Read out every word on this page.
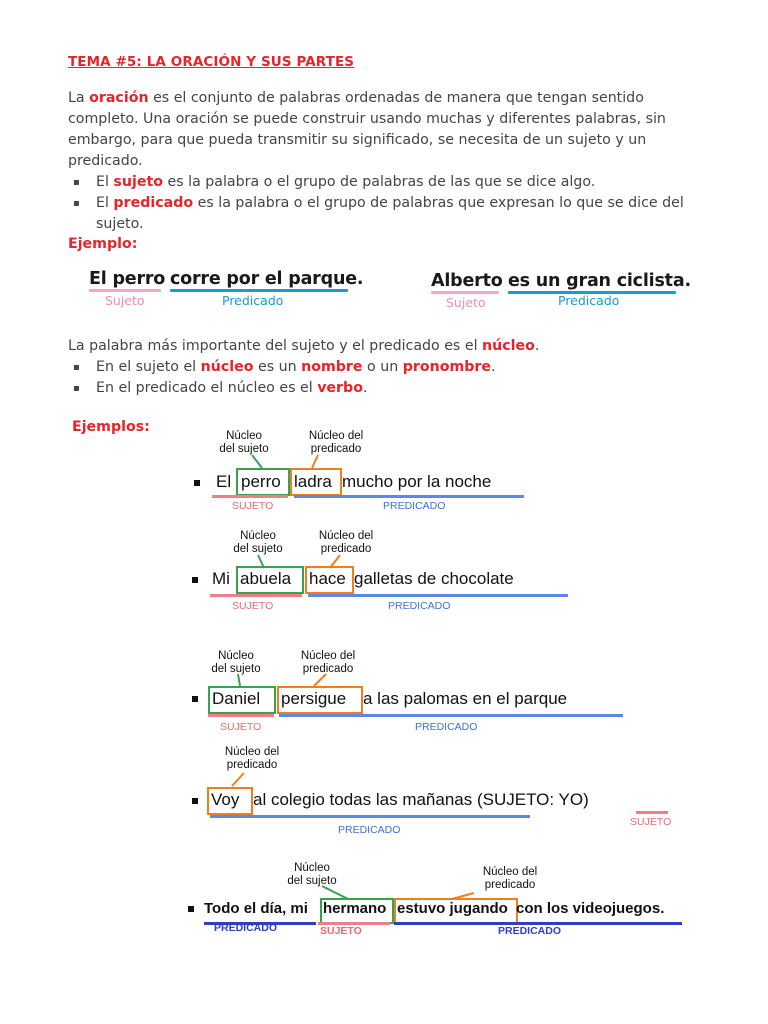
TEMA #5: LA ORACIÓN Y SUS PARTES
La oración es el conjunto de palabras ordenadas de manera que tengan sentido completo. Una oración se puede construir usando muchas y diferentes palabras, sin embargo, para que pueda transmitir su significado, se necesita de un sujeto y un predicado.
▪ El sujeto es la palabra o el grupo de palabras de las que se dice algo.
▪ El predicado es la palabra o el grupo de palabras que expresan lo que se dice del sujeto.
Ejemplo:
El perro corre por el parque.
Sujeto	Predicado
Alberto es un gran ciclista.
Sujeto	Predicado
La palabra más importante del sujeto y el predicado es el núcleo.
▪ En el sujeto el núcleo es un nombre o un pronombre.
▪ En el predicado el núcleo es el verbo.
Ejemplos:
Núcleo
del sujeto
Núcleo del
predicado
El perro ladra mucho por la noche
SUJETO	PREDICADO
Núcleo
del sujeto
Núcleo del
predicado
Mi abuela hace galletas de chocolate
SUJETO	PREDICADO
Núcleo
del sujeto
Núcleo del
predicado
Daniel persigue a las palomas en el parque
SUJETO	PREDICADO
Núcleo del
predicado
Voy al colegio todas las mañanas (SUJETO: YO)
PREDICADO
SUJETO
Núcleo
del sujeto
Núcleo del
predicado
Todo el día, mi hermano estuvo jugando con los videojuegos.
PREDICADO	SUJETO	PREDICADO
